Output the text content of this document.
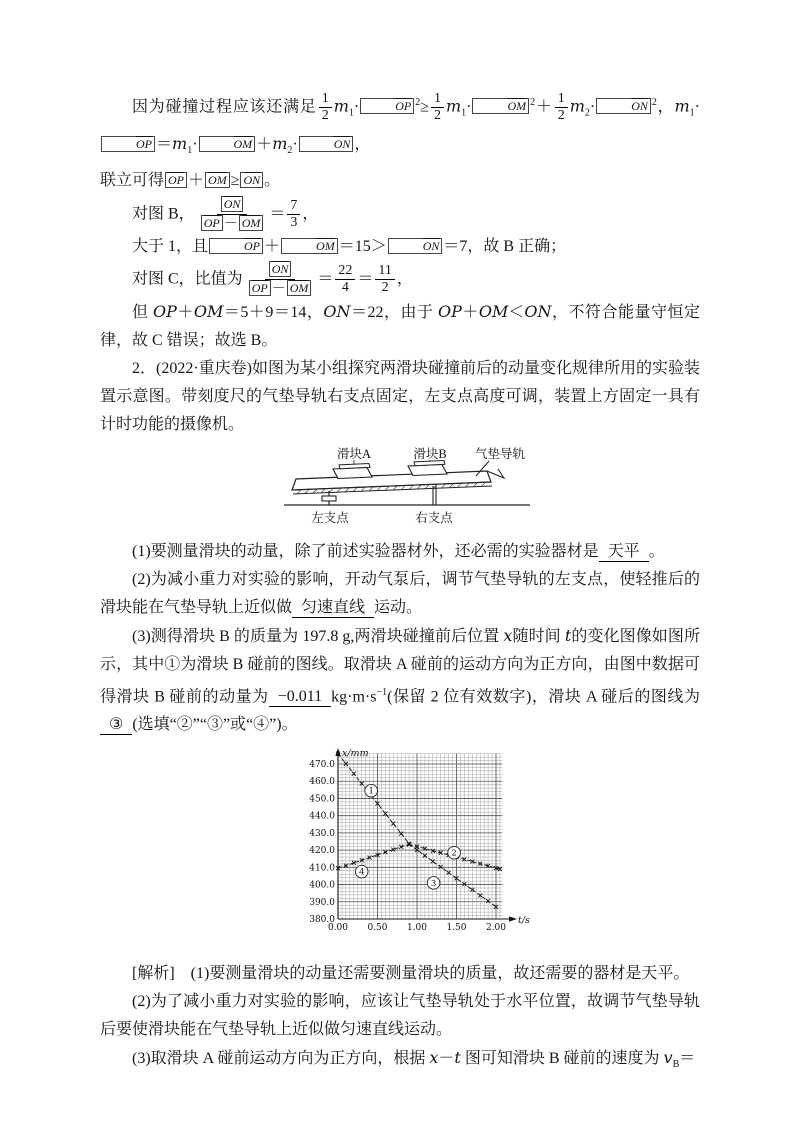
因为碰撞过程应该还满足 $\frac{1}{2} m_1\cdot$	$\overline{OP}$ $^2\ge \frac{1}{2} m_1\cdot$	$\overline{OM}$ $^2+ \frac{1}{2} m_2\cdot$	$\overline{ON}$ $^2$，$m_1\cdot\overline{OP} =m_1\cdot$	$\overline{OM} +m_2\cdot$	$\overline{ON}$ ，

联立可得 $\overline{OP} + \overline{OM} \ge \overline{ON}$ 。

对图 B， $\frac{\overline{ON}}{\overline{OP} - \overline{OM}} = \frac{7}{3}$ ，

大于 1，且	$\overline{OP}$ ＋	$\overline{OM} =15>$	$\overline{ON} =7$，故 B 正确；

对图 C，比值为 $\frac{\overline{ON}}{\overline{OP} - \overline{OM}} = \frac{22}{4} = \frac{11}{2}$ ，

但 OP＋OM＝5＋9＝14，ON＝22，由于 OP＋OM＜ON，不符合能量守恒定律，故 C 错误；故选 B。

2．(2022·重庆卷)如图为某小组探究两滑块碰撞前后的动量变化规律所用的实验装置示意图。带刻度尺的气垫导轨右支点固定，左支点高度可调，装置上方固定一具有计时功能的摄像机。

滑块A	滑块B 气垫导轨
左支点	右支点

(1)要测量滑块的动量，除了前述实验器材外，还必需的实验器材是 天平 。

(2)为减小重力对实验的影响，开动气泵后，调节气垫导轨的左支点，使轻推后的滑块能在气垫导轨上近似做 匀速直线 运动。

(3)测得滑块 B 的质量为 197.8 g,两滑块碰撞前后位置 x随时间 t的变化图像如图所示，其中①为滑块 B 碰前的图线。取滑块 A 碰前的运动方向为正方向，由图中数据可得滑块 B 碰前的动量为 −0.011 $kg\cdot m\cdot s^{-1}$(保留 2 位有效数字)，滑块 A 碰后的图线为③ (选填“②”“③”或“④”)。

0.00 0.50 1.00 1.50 2.00
380.0
390.0
400.0
410.0
420.0
430.0
440.0
450.0
460.0
470.0
x/mm
t/s
1
2
3
4

[解析]　(1)要测量滑块的动量还需要测量滑块的质量，故还需要的器材是天平。

(2)为了减小重力对实验的影响，应该让气垫导轨处于水平位置，故调节气垫导轨后要使滑块能在气垫导轨上近似做匀速直线运动。

(3)取滑块 A 碰前运动方向为正方向，根据 x－t 图可知滑块 B 碰前的速度为 $v_B=$
